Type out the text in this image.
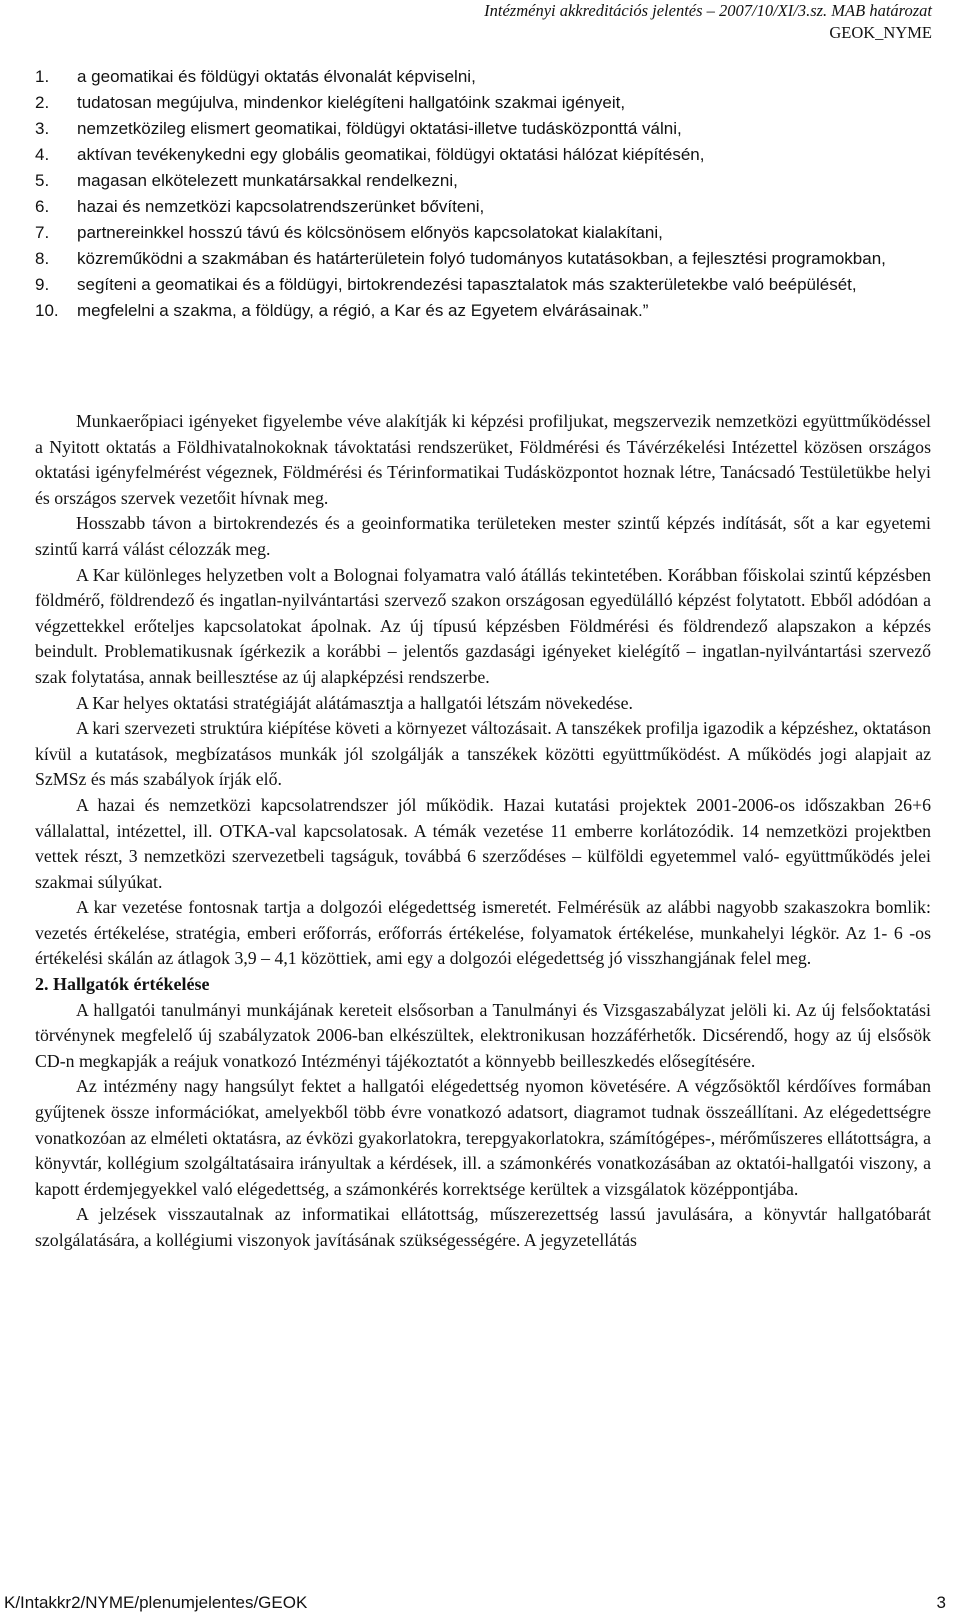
Intézményi akkreditációs jelentés – 2007/10/XI/3.sz. MAB határozat
GEOK_NYME
1.	a geomatikai és földügyi oktatás élvonalát képviselni,
2.	tudatosan megújulva, mindenkor kielégíteni hallgatóink szakmai igényeit,
3.	nemzetközileg elismert geomatikai, földügyi oktatási-illetve tudásközponttá válni,
4.	aktívan tevékenykedni egy globális geomatikai, földügyi oktatási hálózat kiépítésén,
5.	magasan elkötelezett munkatársakkal rendelkezni,
6.	hazai és nemzetközi kapcsolatrendszerünket bővíteni,
7.	partnereinkkel hosszú távú és kölcsönösem előnyös kapcsolatokat kialakítani,
8.	közreműködni a szakmában és határterületein folyó tudományos kutatásokban, a fejlesztési programokban,
9.	segíteni a geomatikai és a földügyi, birtokrendezési tapasztalatok más szakterületekbe való beépülését,
10.	megfelelni a szakma, a földügy, a régió, a Kar és az Egyetem elvárásainak.”

Munkaerőpiaci igényeket figyelembe véve alakítják ki képzési profiljukat, megszervezik nemzetközi együttműködéssel a Nyitott oktatás a Földhivatalnokoknak távoktatási rendszerüket, Földmérési és Távérzékelési Intézettel közösen országos oktatási igényfelmérést végeznek, Földmérési és Térinformatikai Tudásközpontot hoznak létre, Tanácsadó Testületükbe helyi és országos szervek vezetőit hívnak meg.

Hosszabb távon a birtokrendezés és a geoinformatika területeken mester szintű képzés indítását, sőt a kar egyetemi szintű karrá válást célozzák meg.

A Kar különleges helyzetben volt a Bolognai folyamatra való átállás tekintetében. Korábban főiskolai szintű képzésben földmérő, földrendező és ingatlan-nyilvántartási szervező szakon országosan egyedülálló képzést folytatott. Ebből adódóan a végzettekkel erőteljes kapcsolatokat ápolnak. Az új típusú képzésben Földmérési és földrendező alapszakon a képzés beindult. Problematikusnak ígérkezik a korábbi – jelentős gazdasági igényeket kielégítő – ingatlan-nyilvántartási szervező szak folytatása, annak beillesztése az új alapképzési rendszerbe.

A Kar helyes oktatási stratégiáját alátámasztja a hallgatói létszám növekedése.

A kari szervezeti struktúra kiépítése követi a környezet változásait. A tanszékek profilja igazodik a képzéshez, oktatáson kívül a kutatások, megbízatásos munkák jól szolgálják a tanszékek közötti együttműködést. A működés jogi alapjait az SzMSz és más szabályok írják elő.

A hazai és nemzetközi kapcsolatrendszer jól működik. Hazai kutatási projektek 2001-2006-os időszakban 26+6 vállalattal, intézettel, ill. OTKA-val kapcsolatosak. A témák vezetése 11 emberre korlátozódik. 14 nemzetközi projektben vettek részt, 3 nemzetközi szervezetbeli tagságuk, továbbá 6 szerződéses – külföldi egyetemmel való- együttműködés jelei szakmai súlyúkat.

A kar vezetése fontosnak tartja a dolgozói elégedettség ismeretét. Felmérésük az alábbi nagyobb szakaszokra bomlik: vezetés értékelése, stratégia, emberi erőforrás, erőforrás értékelése, folyamatok értékelése, munkahelyi légkör. Az 1- 6 -os értékelési skálán az átlagok 3,9 – 4,1 közöttiek, ami egy a dolgozói elégedettség jó visszhangjának felel meg.

2. Hallgatók értékelése

A hallgatói tanulmányi munkájának kereteit elsősorban a Tanulmányi és Vizsgaszabályzat jelöli ki. Az új felsőoktatási törvénynek megfelelő új szabályzatok 2006-ban elkészültek, elektronikusan hozzáférhetők. Dicsérendő, hogy az új elsősök CD-n megkapják a reájuk vonatkozó Intézményi tájékoztatót a könnyebb beilleszkedés elősegítésére.

Az intézmény nagy hangsúlyt fektet a hallgatói elégedettség nyomon követésére. A végzősöktől kérdőíves formában gyűjtenek össze információkat, amelyekből több évre vonatkozó adatsort, diagramot tudnak összeállítani. Az elégedettségre vonatkozóan az elméleti oktatásra, az évközi gyakorlatokra, terepgyakorlatokra, számítógépes-, mérőműszeres ellátottságra, a könyvtár, kollégium szolgáltatásaira irányultak a kérdések, ill. a számonkérés vonatkozásában az oktatói-hallgatói viszony, a kapott érdemjegyekkel való elégedettség, a számonkérés korrektsége kerültek a vizsgálatok középpontjába.

A jelzések visszautalnak az informatikai ellátottság, műszerezettség lassú javulására, a könyvtár hallgatóbarát szolgálatására, a kollégiumi viszonyok javításának szükségességére. A jegyzetellátás

K/Intakkr2/NYME/plenumjelentes/GEOK	3
